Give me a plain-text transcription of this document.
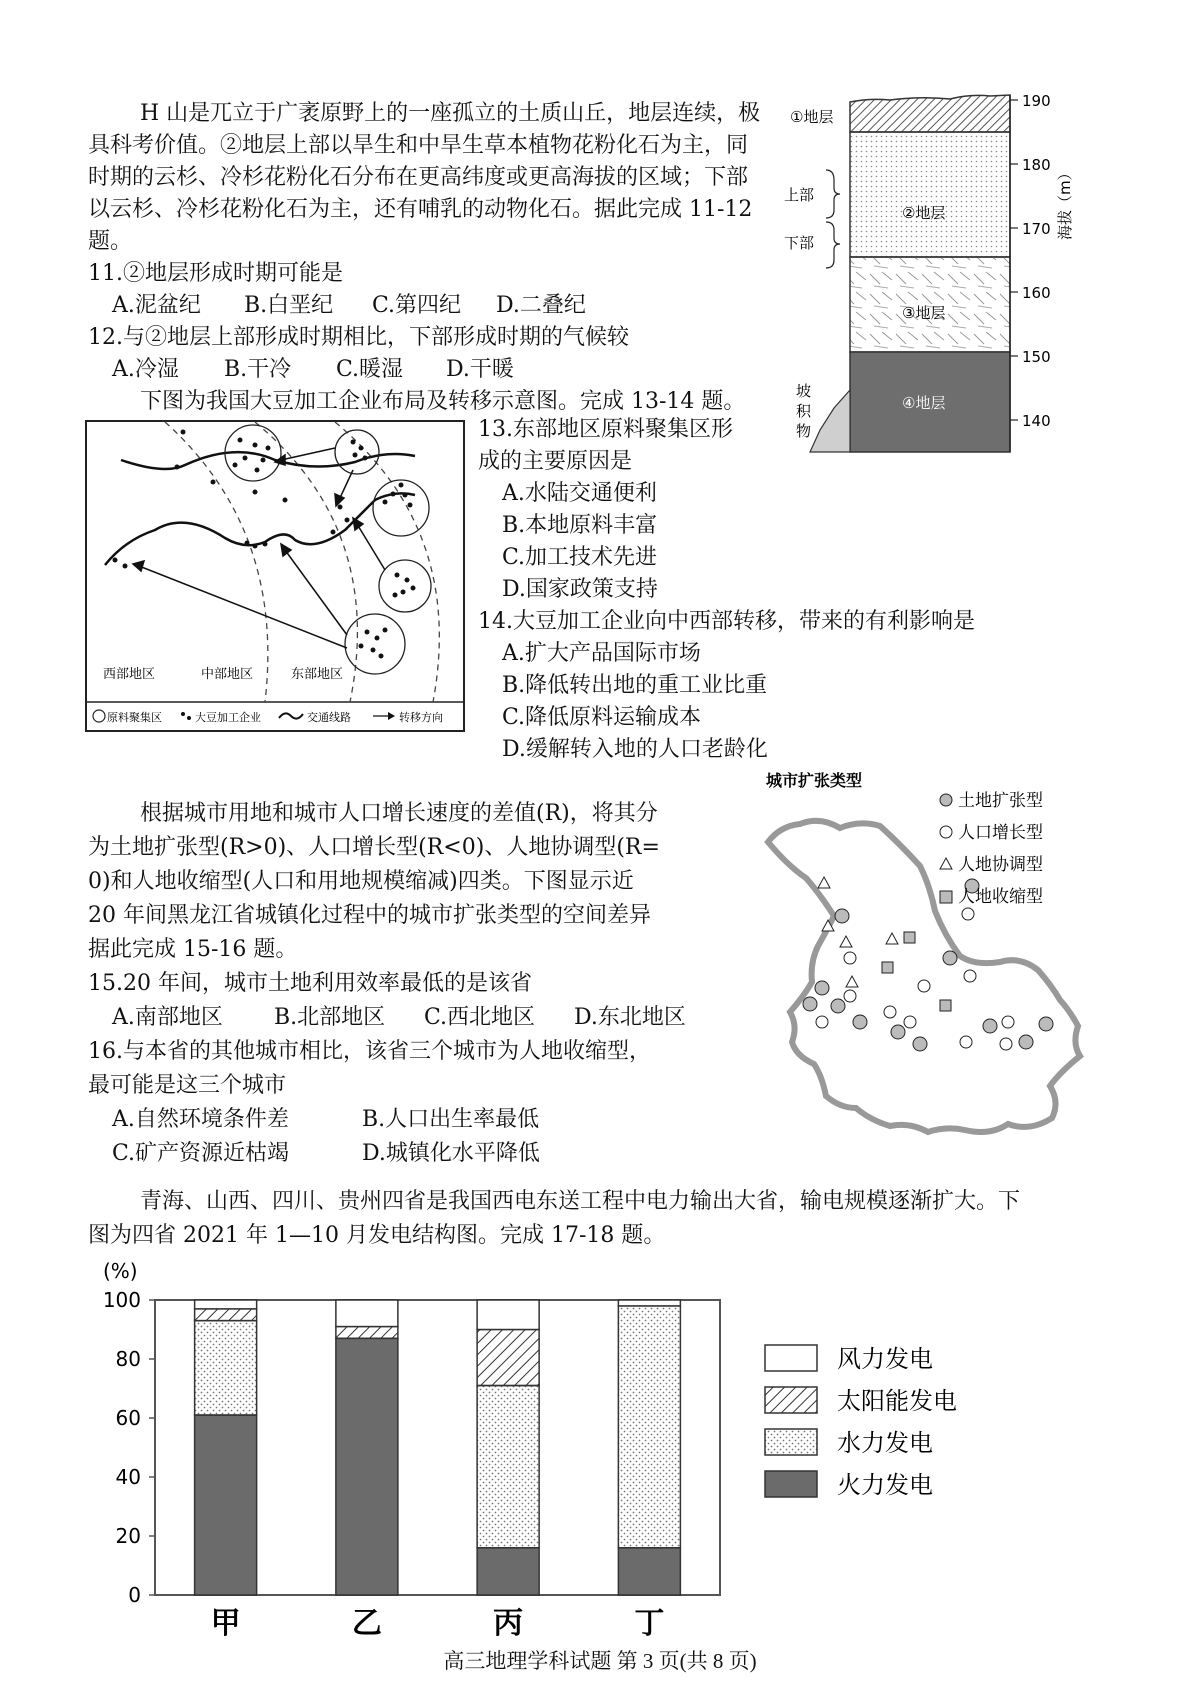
H 山是兀立于广袤原野上的一座孤立的土质山丘，地层连续，极
具科考价值。②地层上部以旱生和中旱生草本植物花粉化石为主，同
时期的云杉、冷杉花粉化石分布在更高纬度或更高海拔的区域；下部
以云杉、冷杉花粉化石为主，还有哺乳的动物化石。据此完成 11-12
题。
11.②地层形成时期可能是
A.泥盆纪 B.白垩纪 C.第四纪 D.二叠纪
12.与②地层上部形成时期相比，下部形成时期的气候较
A.冷湿 B.干冷 C.暖湿 D.干暖
下图为我国大豆加工企业布局及转移示意图。完成 13-14 题。
190
180
170
160
150
140
海拔（m）
①地层
②地层
③地层
④地层
上部
下部
坡
积
物
西部地区	中部地区	东部地区
原料聚集区	大豆加工企业	交通线路	转移方向
13.东部地区原料聚集区形
成的主要原因是
A.水陆交通便利
B.本地原料丰富
C.加工技术先进
D.国家政策支持
14.大豆加工企业向中西部转移，带来的有利影响是
A.扩大产品国际市场
B.降低转出地的重工业比重
C.降低原料运输成本
D.缓解转入地的人口老龄化
根据城市用地和城市人口增长速度的差值(R)，将其分
为土地扩张型(R>0)、人口增长型(R<0)、人地协调型(R=
0)和人地收缩型(人口和用地规模缩减)四类。下图显示近
20 年间黑龙江省城镇化过程中的城市扩张类型的空间差异
据此完成 15-16 题。
15.20 年间，城市土地利用效率最低的是该省
A.南部地区 B.北部地区 C.西北地区 D.东北地区
16.与本省的其他城市相比，该省三个城市为人地收缩型，
最可能是这三个城市
A.自然环境条件差	B.人口出生率最低
C.矿产资源近枯竭	D.城镇化水平降低
城市扩张类型
土地扩张型
人口增长型
人地协调型
人地收缩型
青海、山西、四川、贵州四省是我国西电东送工程中电力输出大省，输电规模逐渐扩大。下
图为四省 2021 年 1—10 月发电结构图。完成 17-18 题。
0
20
40
60
80
100
甲	乙	丙	丁
风力发电
太阳能发电
水力发电
火力发电
(%)
高三地理学科试题 第 3 页(共 8 页)
